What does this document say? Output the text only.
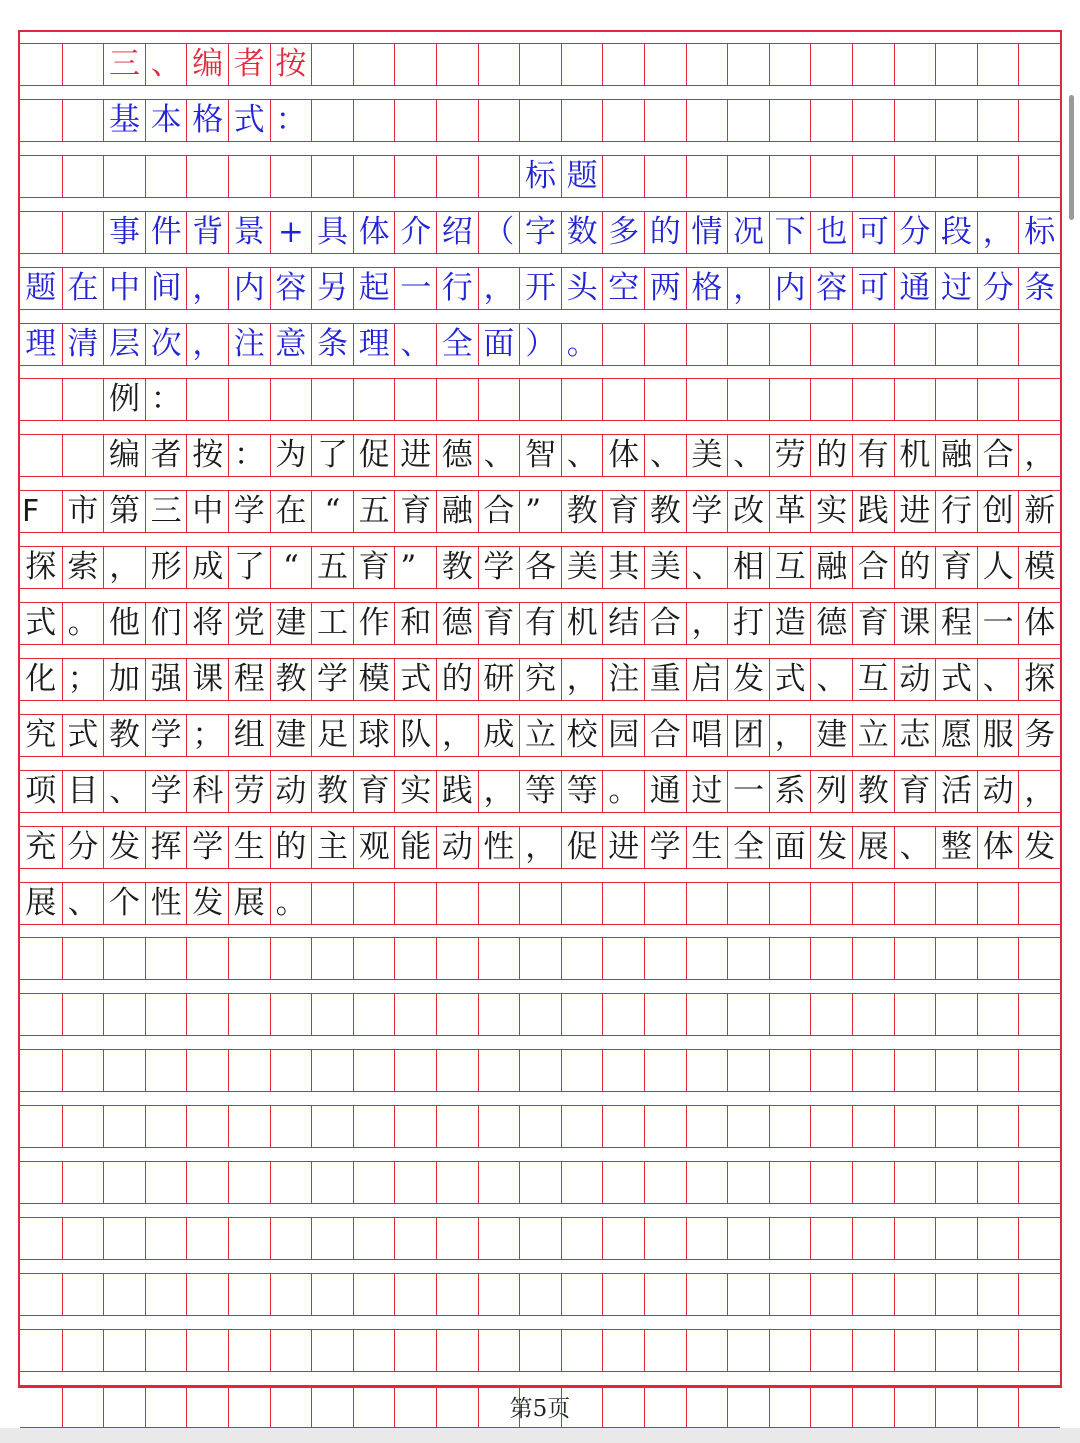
三 、 编 者 按
基 本 格 式 ：
标 题
事 件 背 景 + 具 体 介 绍 （ 字 数 多 的 情 况 下 也 可 分 段 ， 标
题 在 中 间 ， 内 容 另 起 一 行 ， 开 头 空 两 格 ， 内 容 可 通 过 分 条
理 清 层 次 ， 注 意 条 理 、 全 面 ） 。
例 ：
编 者 按 ： 为 了 促 进 德 、 智 、 体 、 美 、 劳 的 有 机 融 合 ，
F 市 第 三 中 学 在 “ 五 育 融 合 ” 教 育 教 学 改 革 实 践 进 行 创 新
探 索 ， 形 成 了 “ 五 育 ” 教 学 各 美 其 美 、 相 互 融 合 的 育 人 模
式 。 他 们 将 党 建 工 作 和 德 育 有 机 结 合 ， 打 造 德 育 课 程 一 体
化 ； 加 强 课 程 教 学 模 式 的 研 究 ， 注 重 启 发 式 、 互 动 式 、 探
究 式 教 学 ； 组 建 足 球 队 ， 成 立 校 园 合 唱 团 ， 建 立 志 愿 服 务
项 目 、 学 科 劳 动 教 育 实 践 ， 等 等 。 通 过 一 系 列 教 育 活 动 ，
充 分 发 挥 学 生 的 主 观 能 动 性 ， 促 进 学 生 全 面 发 展 、 整 体 发
展 、 个 性 发 展 。
第5页
